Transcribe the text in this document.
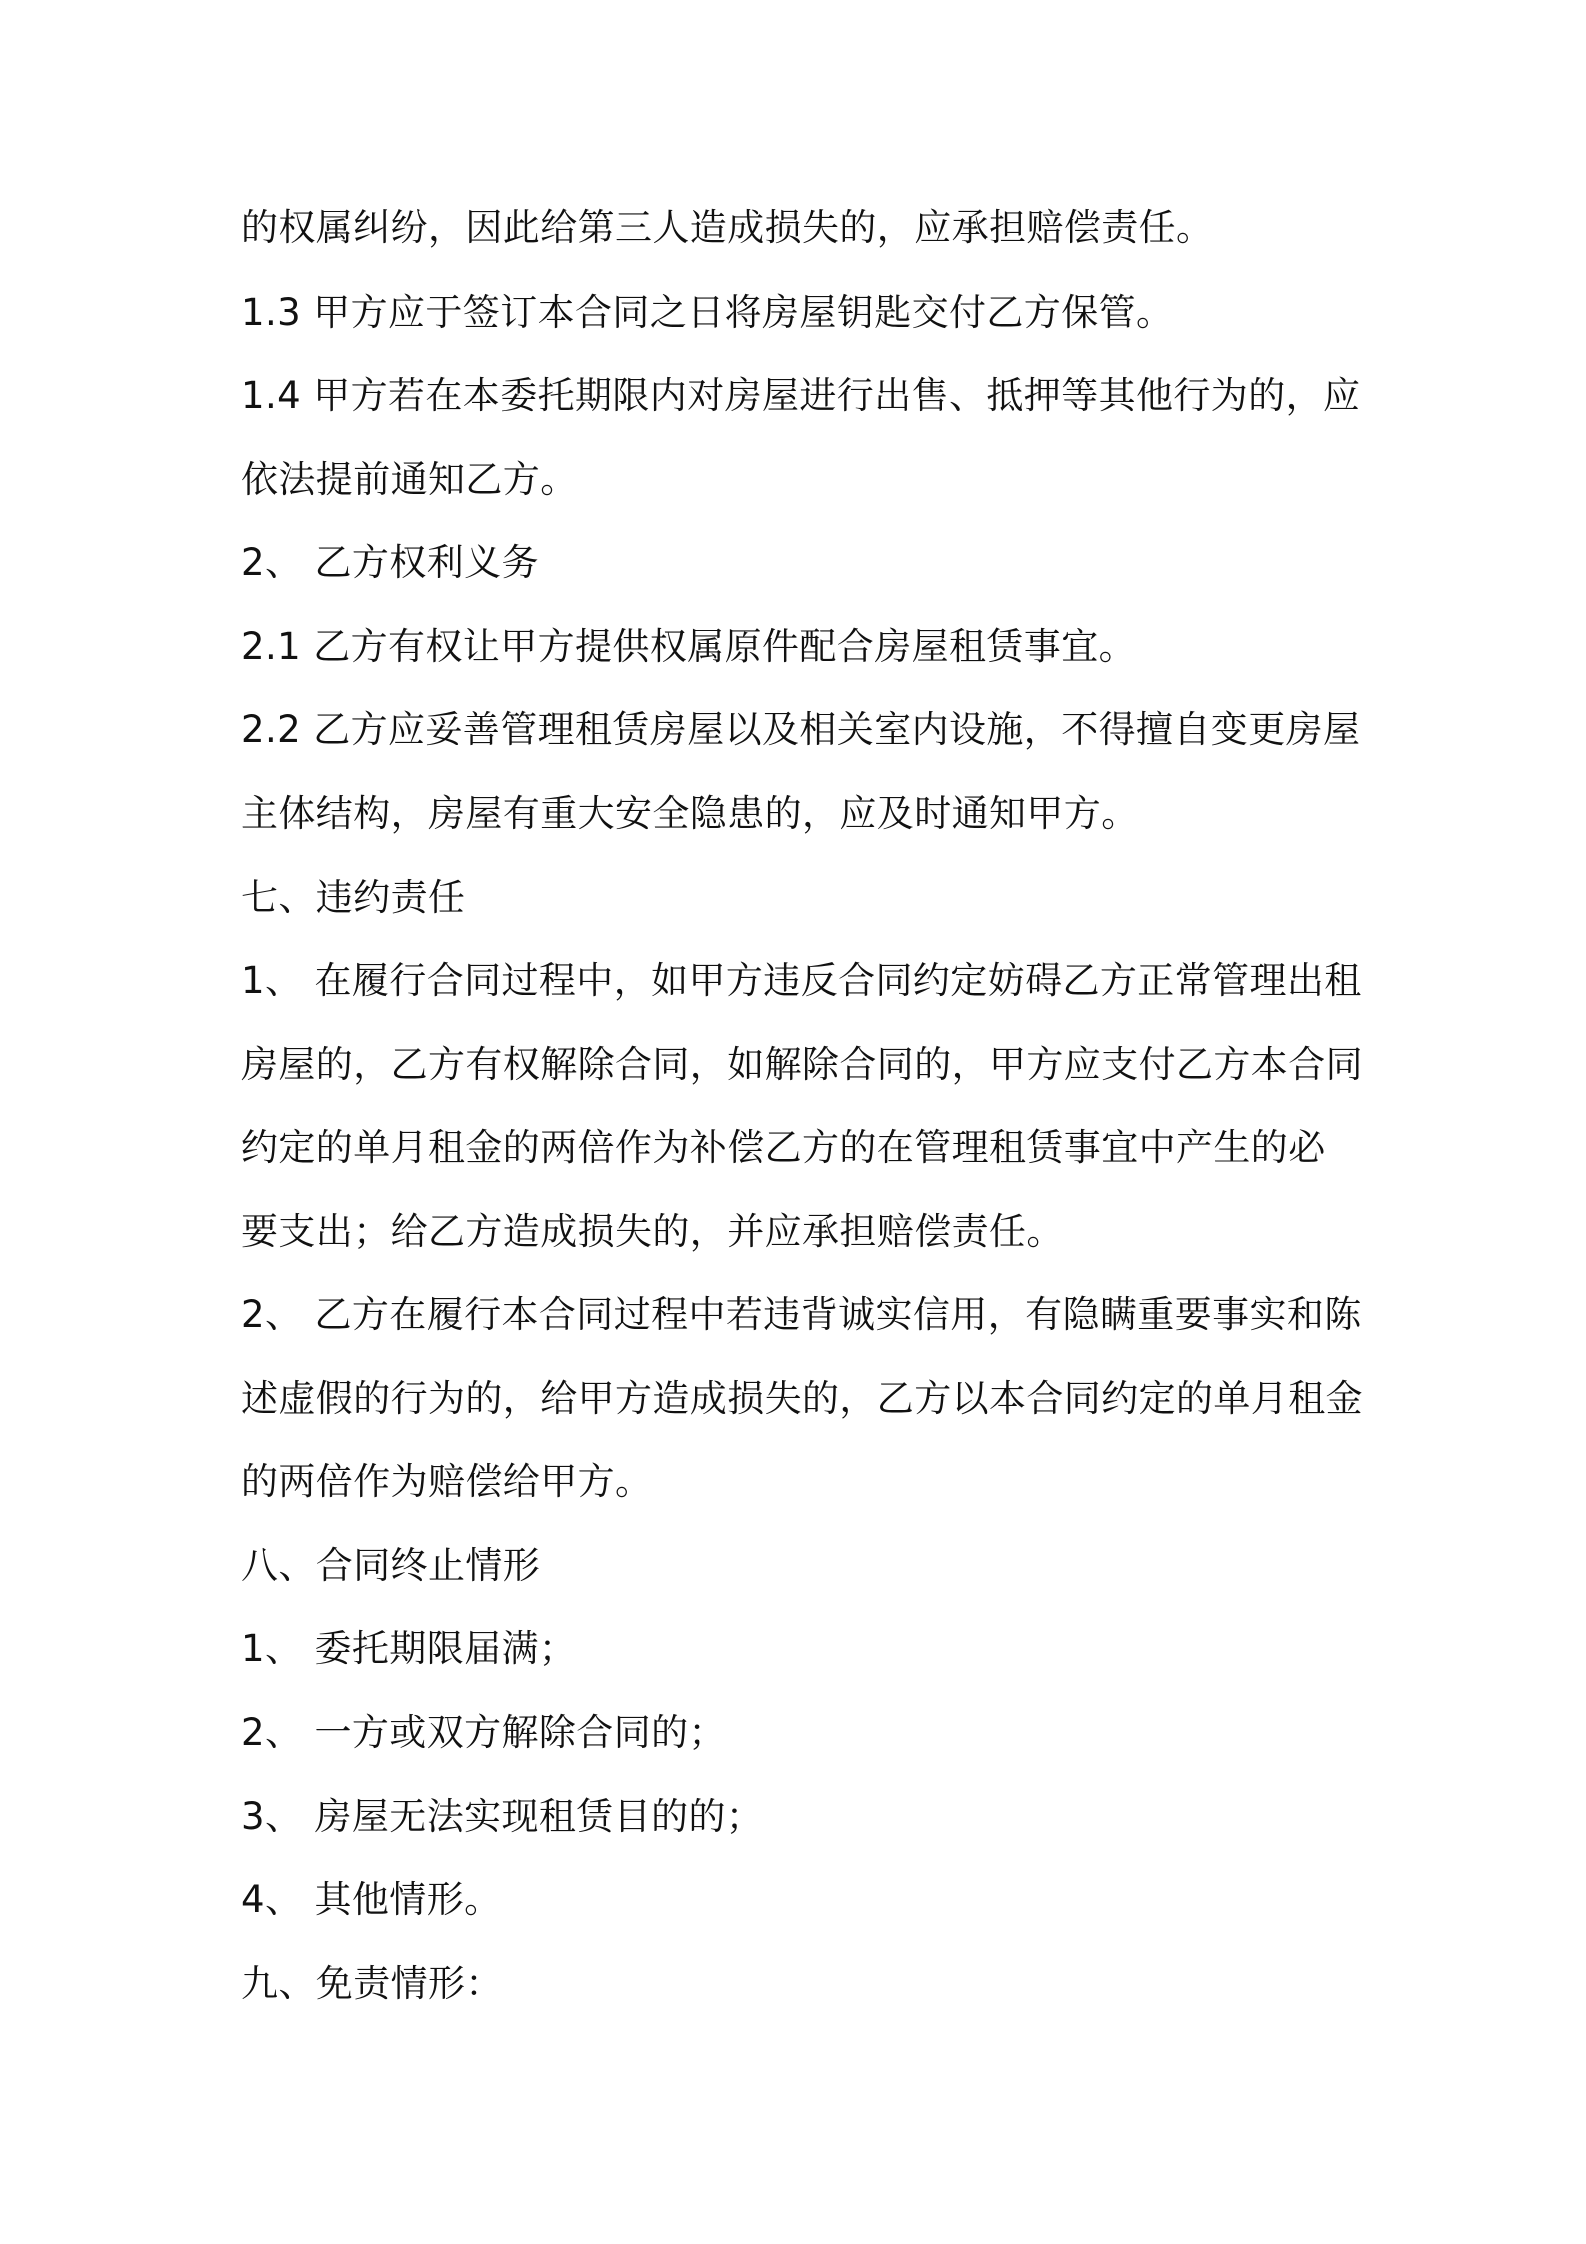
的权属纠纷，因此给第三人造成损失的，应承担赔偿责任。
1.3 甲方应于签订本合同之日将房屋钥匙交付乙方保管。
1.4 甲方若在本委托期限内对房屋进行出售、抵押等其他行为的，应
依法提前通知乙方。
2、 乙方权利义务
2.1 乙方有权让甲方提供权属原件配合房屋租赁事宜。
2.2 乙方应妥善管理租赁房屋以及相关室内设施，不得擅自变更房屋
主体结构，房屋有重大安全隐患的，应及时通知甲方。
七、违约责任
1、 在履行合同过程中，如甲方违反合同约定妨碍乙方正常管理出租
房屋的，乙方有权解除合同，如解除合同的，甲方应支付乙方本合同
约定的单月租金的两倍作为补偿乙方的在管理租赁事宜中产生的必
要支出；给乙方造成损失的，并应承担赔偿责任。
2、 乙方在履行本合同过程中若违背诚实信用，有隐瞒重要事实和陈
述虚假的行为的，给甲方造成损失的，乙方以本合同约定的单月租金
的两倍作为赔偿给甲方。
八、合同终止情形
1、 委托期限届满；
2、 一方或双方解除合同的；
3、 房屋无法实现租赁目的的；
4、 其他情形。
九、免责情形：
